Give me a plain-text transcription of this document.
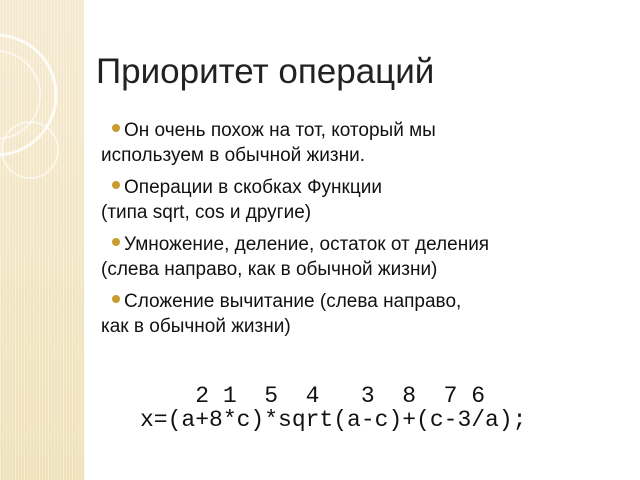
Приоритет операций
Он очень похож на тот, который мы
используем в обычной жизни.
Операции в скобках Функции
(типа sqrt, cos и другие)
Умножение, деление, остаток от деления
(слева направо, как в обычной жизни)
Сложение вычитание (слева направо,
как в обычной жизни)
2 1  5  4   3  8  7 6
x=(a+8*c)*sqrt(a-c)+(c-3/a);
